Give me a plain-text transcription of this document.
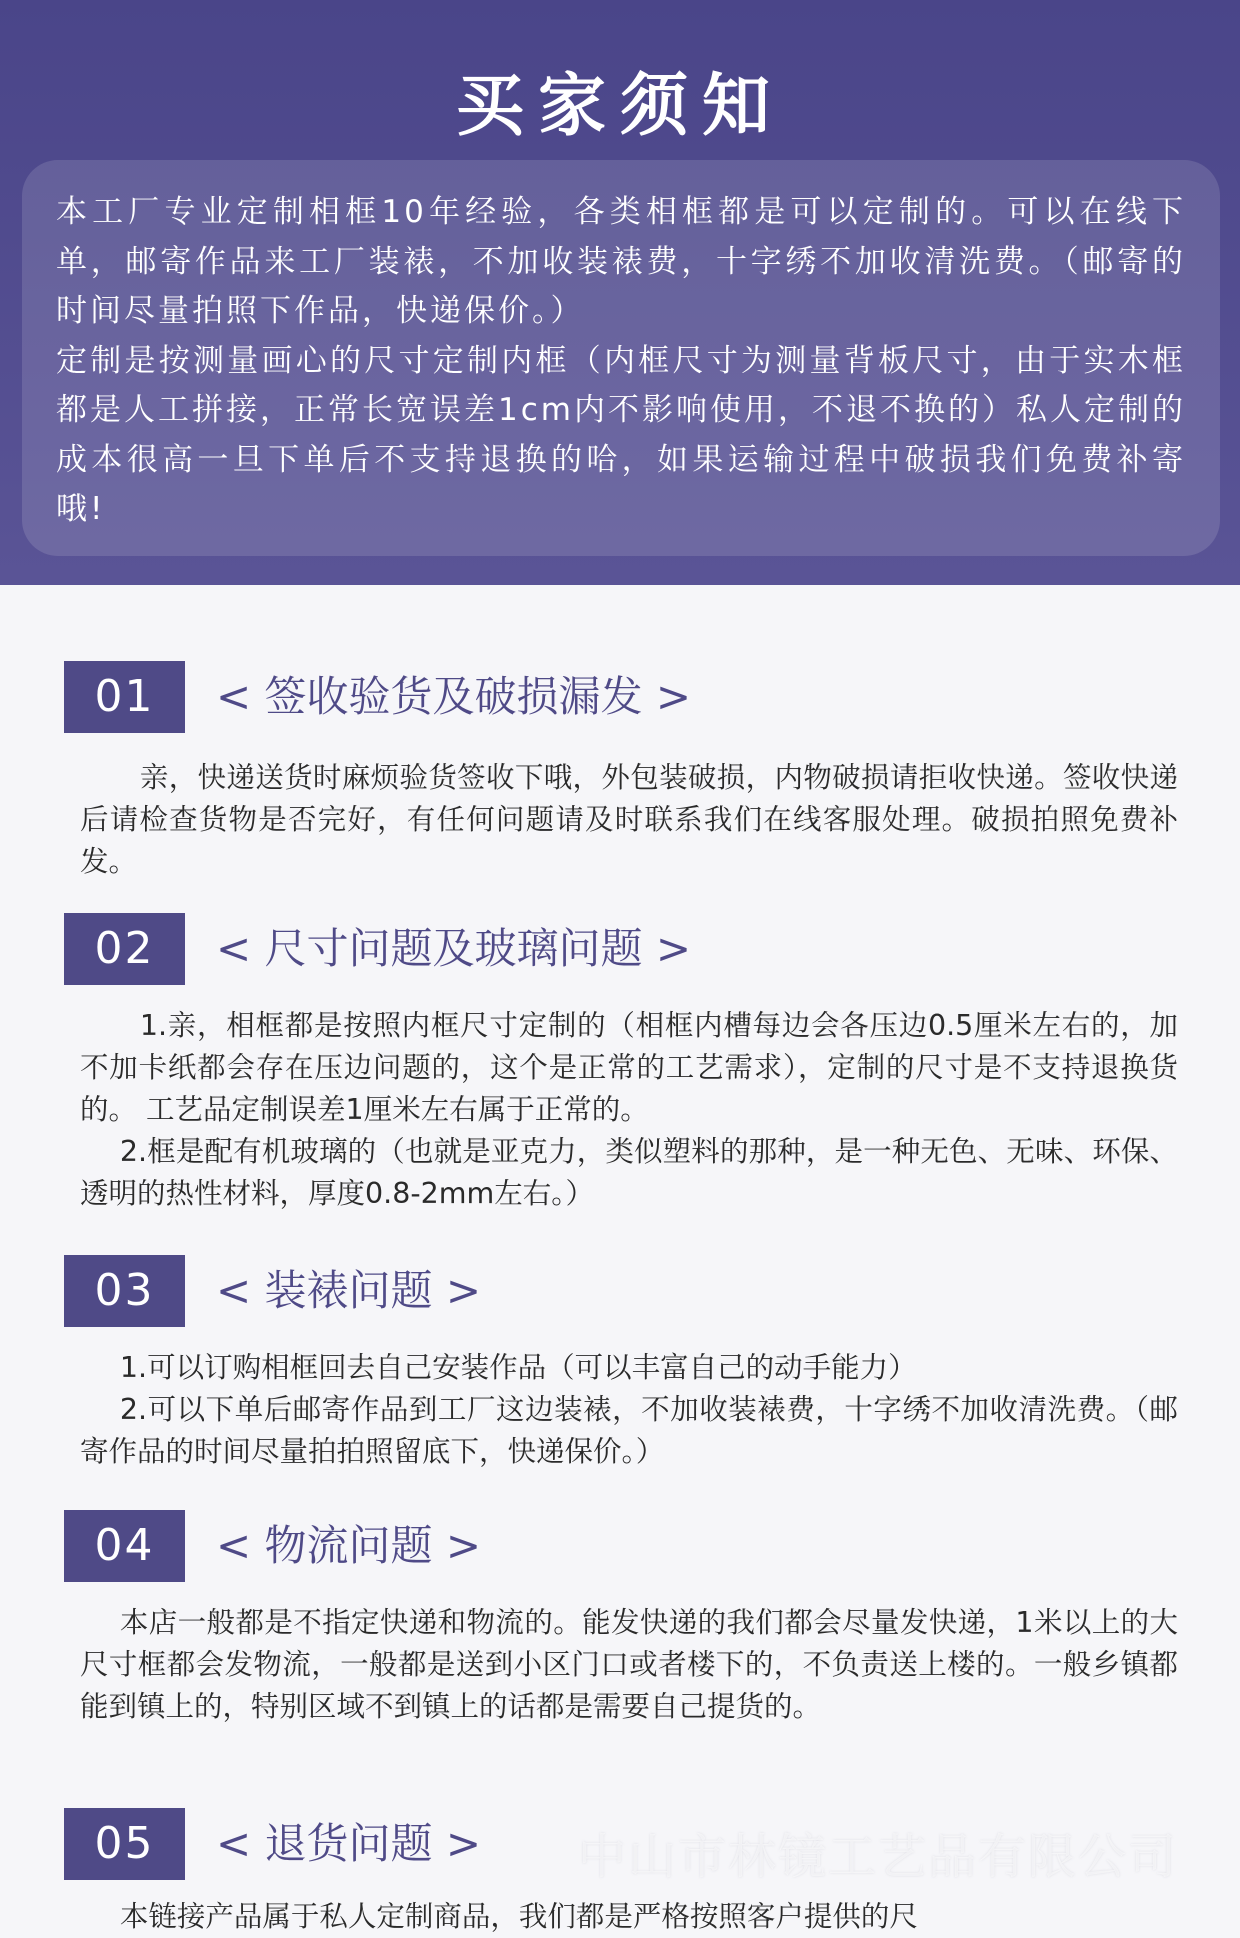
买家须知

本工厂专业定制相框10年经验，各类相框都是可以定制的。可以在线下单，邮寄作品来工厂装裱，不加收装裱费，十字绣不加收清洗费。（邮寄的时间尽量拍照下作品，快递保价。）

定制是按测量画心的尺寸定制内框（内框尺寸为测量背板尺寸，由于实木框都是人工拼接，正常长宽误差1cm内不影响使用，不退不换的）私人定制的成本很高一旦下单后不支持退换的哈，如果运输过程中破损我们免费补寄哦!

01	< 签收验货及破损漏发 >

亲，快递送货时麻烦验货签收下哦，外包装破损，内物破损请拒收快递。签收快递后请检查货物是否完好，有任何问题请及时联系我们在线客服处理。破损拍照免费补发。

02	< 尺寸问题及玻璃问题 >

1.亲，相框都是按照内框尺寸定制的（相框内槽每边会各压边0.5厘米左右的，加不加卡纸都会存在压边问题的，这个是正常的工艺需求），定制的尺寸是不支持退换货的。 工艺品定制误差1厘米左右属于正常的。

2.框是配有机玻璃的（也就是亚克力，类似塑料的那种，是一种无色、无味、环保、透明的热性材料，厚度0.8-2mm左右。）

03	< 装裱问题 >

1.可以订购相框回去自己安装作品（可以丰富自己的动手能力）

2.可以下单后邮寄作品到工厂这边装裱，不加收装裱费，十字绣不加收清洗费。（邮寄作品的时间尽量拍拍照留底下，快递保价。）

04	< 物流问题 >

本店一般都是不指定快递和物流的。能发快递的我们都会尽量发快递，1米以上的大尺寸框都会发物流，一般都是送到小区门口或者楼下的，不负责送上楼的。一般乡镇都能到镇上的，特别区域不到镇上的话都是需要自己提货的。

05	< 退货问题 >

本链接产品属于私人定制商品，我们都是严格按照客户提供的尺

中山市林镜工艺品有限公司
